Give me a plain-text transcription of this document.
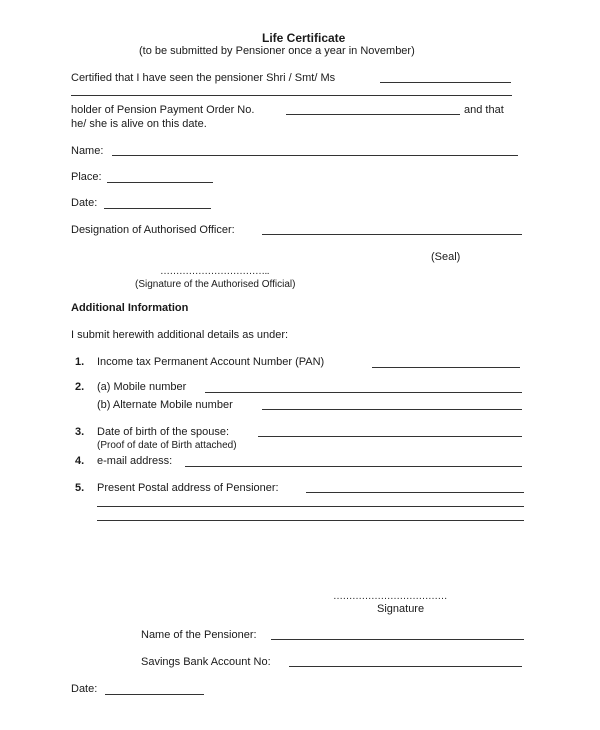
Life Certificate
(to be submitted by Pensioner once a year in November)
Certified that I have seen the pensioner Shri / Smt/ Ms
holder of Pension Payment Order No.	and that
he/ she is alive on this date.
Name:
Place:
Date:
Designation of Authorised Officer:
(Seal)
……………………………..
(Signature of the Authorised Official)
Additional Information
I submit herewith additional details as under:
1. Income tax Permanent Account Number (PAN)
2. (a) Mobile number
(b) Alternate Mobile number
3. Date of birth of the spouse:
(Proof of date of Birth attached)
4. e-mail address:
5. Present Postal address of Pensioner:
………………………………
Signature
Name of the Pensioner:
Savings Bank Account No:
Date:
